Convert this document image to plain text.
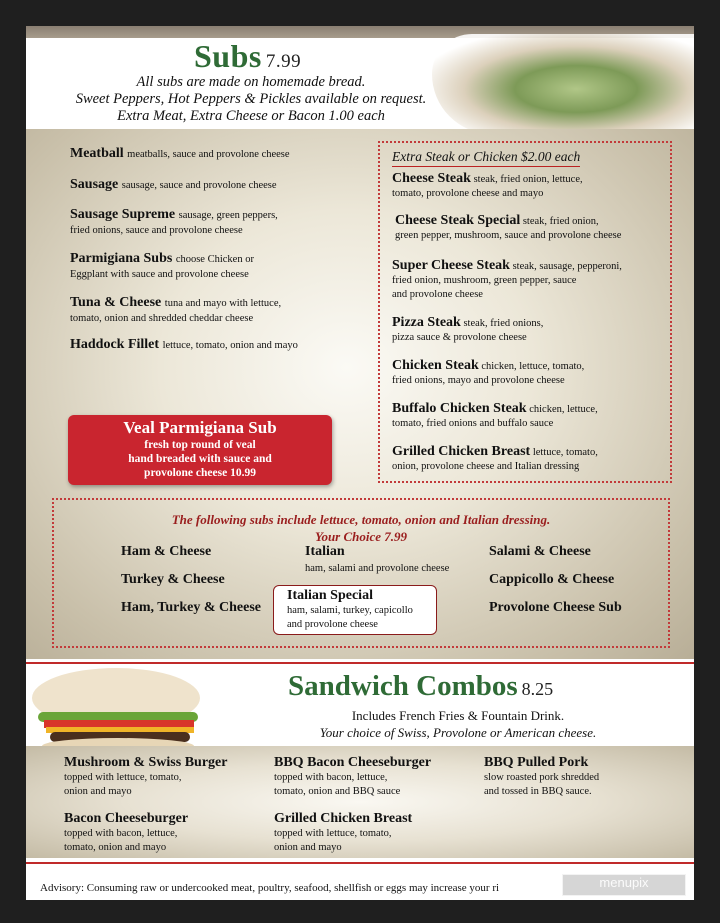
Subs 7.99
All subs are made on homemade bread.
Sweet Peppers, Hot Peppers & Pickles available on request.
Extra Meat, Extra Cheese or Bacon 1.00 each
Meatball meatballs, sauce and provolone cheese
Sausage sausage, sauce and provolone cheese
Sausage Supreme sausage, green peppers,
fried onions, sauce and provolone cheese
Parmigiana Subs choose Chicken or
Eggplant with sauce and provolone cheese
Tuna & Cheese tuna and mayo with lettuce,
tomato, onion and shredded cheddar cheese
Haddock Fillet lettuce, tomato, onion and mayo
Veal Parmigiana Sub
fresh top round of veal
hand breaded with sauce and
provolone cheese 10.99
Extra Steak or Chicken $2.00 each
Cheese Steak steak, fried onion, lettuce,
tomato, provolone cheese and mayo
Cheese Steak Special steak, fried onion,
green pepper, mushroom, sauce and provolone cheese
Super Cheese Steak steak, sausage, pepperoni,
fried onion, mushroom, green pepper, sauce
and provolone cheese
Pizza Steak steak, fried onions,
pizza sauce & provolone cheese
Chicken Steak chicken, lettuce, tomato,
fried onions, mayo and provolone cheese
Buffalo Chicken Steak chicken, lettuce,
tomato, fried onions and buffalo sauce
Grilled Chicken Breast lettuce, tomato,
onion, provolone cheese and Italian dressing
The following subs include lettuce, tomato, onion and Italian dressing.
Your Choice 7.99
Ham & Cheese
Turkey & Cheese
Ham, Turkey & Cheese
Italian
ham, salami and provolone cheese
Italian Special
ham, salami, turkey, capicollo
and provolone cheese
Salami & Cheese
Cappicollo & Cheese
Provolone Cheese Sub
Sandwich Combos 8.25
Includes French Fries & Fountain Drink.
Your choice of Swiss, Provolone or American cheese.
Mushroom & Swiss Burger
topped with lettuce, tomato,
onion and mayo
BBQ Bacon Cheeseburger
topped with bacon, lettuce,
tomato, onion and BBQ sauce
BBQ Pulled Pork
slow roasted pork shredded
and tossed in BBQ sauce.
Bacon Cheeseburger
topped with bacon, lettuce,
tomato, onion and mayo
Grilled Chicken Breast
topped with lettuce, tomato,
onion and mayo
Advisory: Consuming raw or undercooked meat, poultry, seafood, shellfish or eggs may increase your ri	menupix
